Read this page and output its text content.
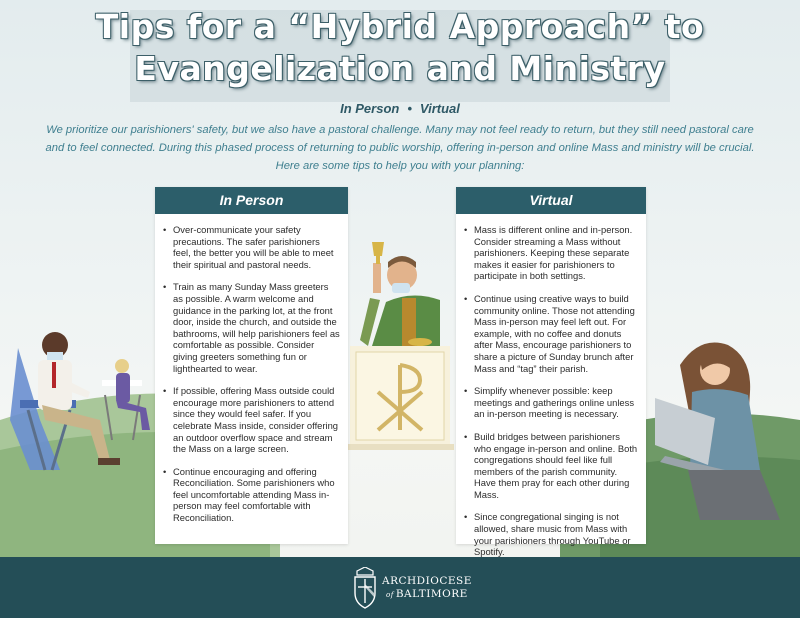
Tips for a “Hybrid Approach” to
Evangelization and Ministry
In Person • Virtual

We prioritize our parishioners' safety, but we also have a pastoral challenge. Many may not feel ready to return, but they still need pastoral care and to feel connected. During this phased process of returning to public worship, offering in-person and online Mass and ministry will be crucial. Here are some tips to help you with your planning:

In Person
• Over-communicate your safety precautions. The safer parishioners feel, the better you will be able to meet their spiritual and pastoral needs.
• Train as many Sunday Mass greeters as possible. A warm welcome and guidance in the parking lot, at the front door, inside the church, and outside the bathrooms, will help parishioners feel as comfortable as possible. Consider giving greeters something fun or lighthearted to wear.
• If possible, offering Mass outside could encourage more parishioners to attend since they would feel safer. If you celebrate Mass inside, consider offering an outdoor overflow space and stream the Mass on a large screen.
• Continue encouraging and offering Reconciliation. Some parishioners who feel uncomfortable attending Mass in-person may feel comfortable with Reconciliation.
Virtual
• Mass is different online and in-person. Consider streaming a Mass without parishioners. Keeping these separate makes it easier for parishioners to participate in both settings.
• Continue using creative ways to build community online. Those not attending Mass in-person may feel left out. For example, with no coffee and donuts after Mass, encourage parishioners to share a picture of Sunday brunch after Mass and “tag” their parish.
• Simplify whenever possible: keep meetings and gatherings online unless an in-person meeting is necessary.
• Build bridges between parishioners who engage in-person and online. Both congregations should feel like full members of the parish community. Have them pray for each other during Mass.
• Since congregational singing is not allowed, share music from Mass with your parishioners through YouTube or Spotify.
ARCHDIOCESE
of BALTIMORE
